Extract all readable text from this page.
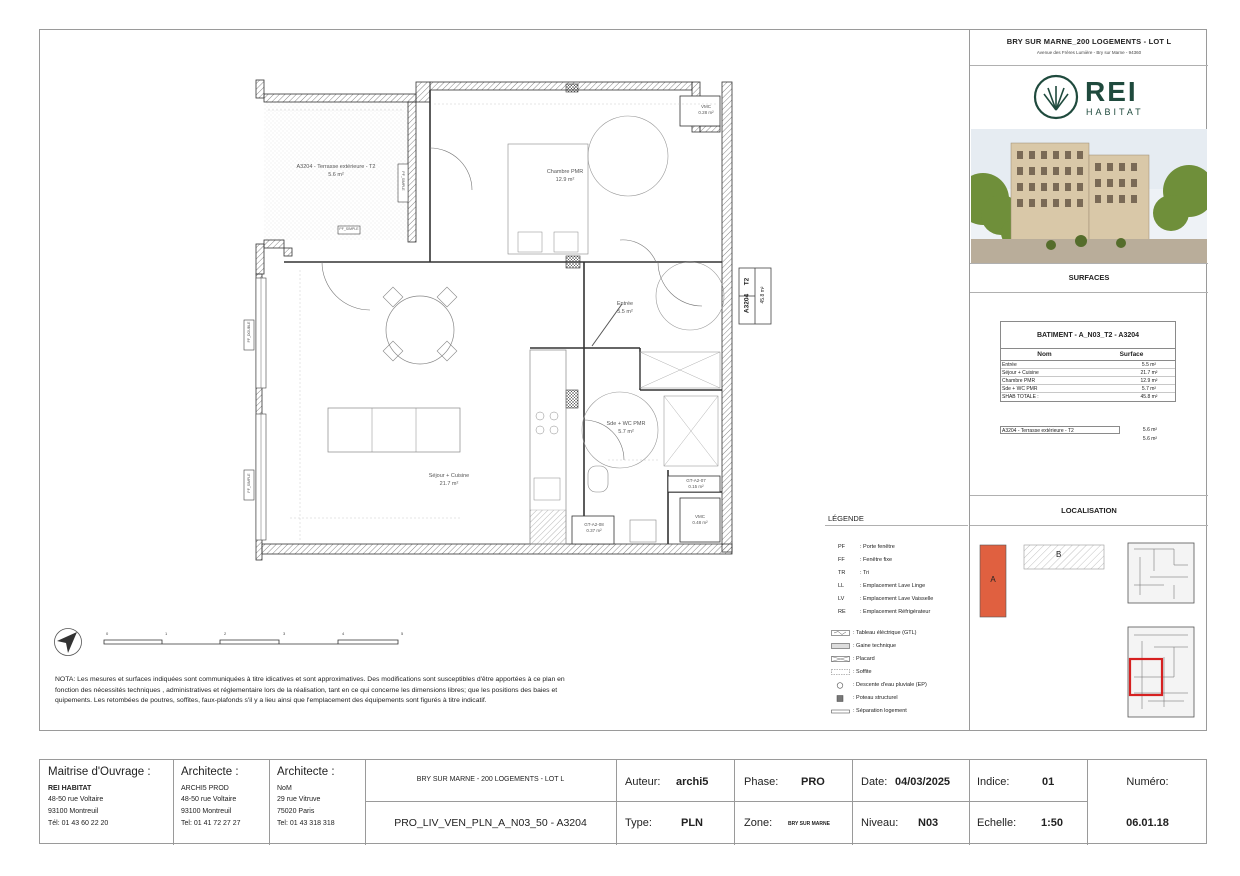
A3204 - Terrasse extérieure - T2
5.6 m²	Chambre PMR
12.9 m²
Entrée
5.5 m²
Sde + WC PMR
5.7 m²
Séjour + Cuisine
21.7 m²
VMC
0.28 m²
VMC
0.48 m²
GT-A2-07
0.15 m²
GT-A2-08
0.37 m²
PF_DOUBLE
PF_SIMPLE
PF_SIMPLE
PF_SIMPLE
A3204
T2
45.8 m²
0	1	2	3	4	5
NOTA: Les mesures et surfaces indiquées sont communiquées à titre idicatives et sont approximatives. Des modifications sont susceptibles d'être apportées à ce plan en fonction des nécessités techniques , administratives et réglementaire lors de la réalisation, tant en ce qui concerne les dimensions libres; que les positions des baies et quipements. Les retombées de poutres, soffites, faux-plafonds s'il y a lieu ainsi que l'emplacement des équipements sont figurés à titre indicatif.
LÉGENDE
PF	: Porte fenêtre
FF	: Fenêtre fixe
TR	: Tri
LL	: Emplacement Lave Linge
LV	: Emplacement Lave Vaisselle
RE	: Emplacement Réfrigérateur
: Tableau éléctrique (GTL)
: Gaine technique
: Placard
: Soffite
: Descente d'eau pluviale (EP)
: Poteau structurel
: Séparation logement
BRY SUR MARNE_200 LOGEMENTS - LOT L
Avenue des Frères Lumière - Bry sur Marne - 94360
REI
HABITAT
SURFACES
BATIMENT - A_N03_T2 - A3204
Nom	Surface
Entrée	5.5 m²
Séjour + Cuisine	21.7 m²
Chambre PMR	12.9 m²
Sde + WC PMR	5.7 m²
SHAB TOTALE :	45.8 m²
A3204 - Terrasse extérieure - T2	5.6 m²
5.6 m²
LOCALISATION
A
B
Maitrise d'Ouvrage :
REI HABITAT
48-50 rue Voltaire
93100 Montreuil
Tél: 01 43 60 22 20
Architecte :
ARCHI5 PROD
48-50 rue Voltaire
93100 Montreuil
Tel: 01 41 72 27 27
Architecte :
NoM
29 rue Vitruve
75020 Paris
Tel: 01 43 318 318
BRY SUR MARNE - 200 LOGEMENTS - LOT L
PRO_LIV_VEN_PLN_A_N03_50 - A3204
Auteur: archi5
Type:	PLN
Phase: PRO
Zone:	BRY SUR MARNE
Date: 04/03/2025
Niveau: N03
Indice:	01
Echelle: 1:50
Numéro:
06.01.18
